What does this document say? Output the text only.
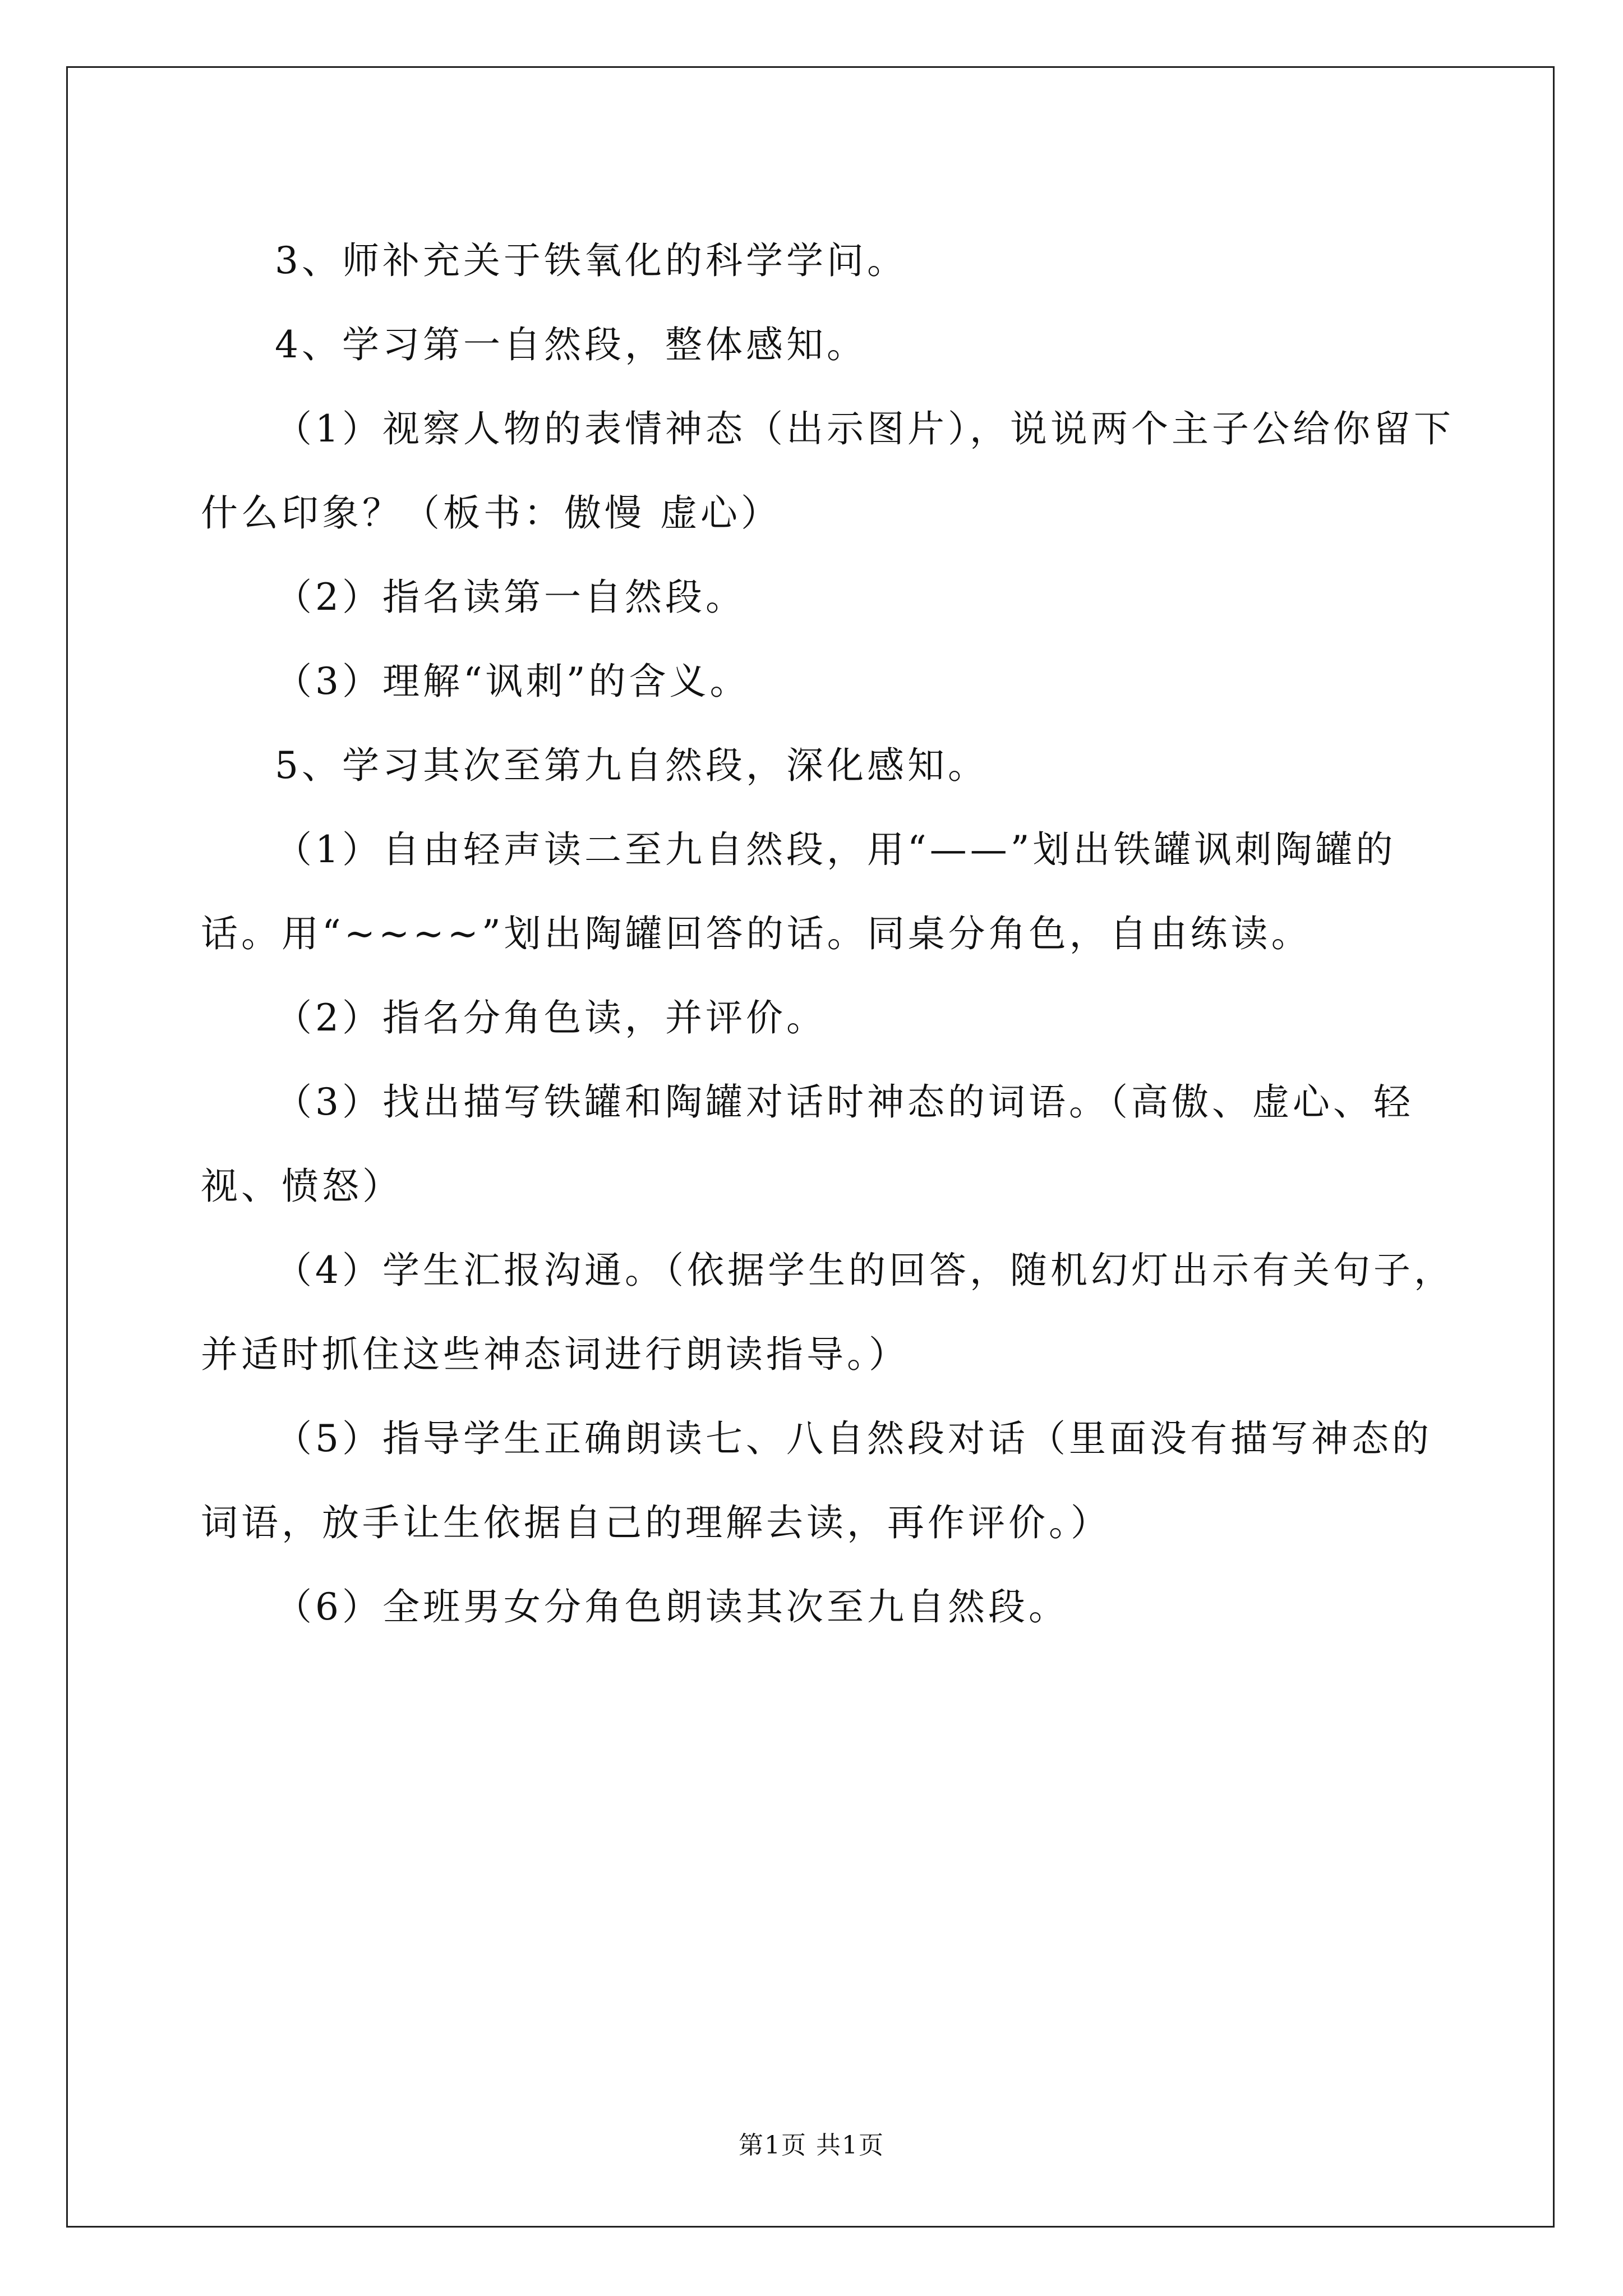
3、师补充关于铁氧化的科学学问。

4、学习第一自然段，整体感知。

（1）视察人物的表情神态（出示图片），说说两个主子公给你留下什么印象？（板书：傲慢 虚心）

（2）指名读第一自然段。

（3）理解“讽刺”的含义。

5、学习其次至第九自然段，深化感知。

（1）自由轻声读二至九自然段，用“——”划出铁罐讽刺陶罐的话。用“~~~~”划出陶罐回答的话。同桌分角色，自由练读。

（2）指名分角色读，并评价。

（3）找出描写铁罐和陶罐对话时神态的词语。（高傲、虚心、轻视、愤怒）

（4）学生汇报沟通。（依据学生的回答，随机幻灯出示有关句子，并适时抓住这些神态词进行朗读指导。）

（5）指导学生正确朗读七、八自然段对话（里面没有描写神态的词语，放手让生依据自己的理解去读，再作评价。）

（6）全班男女分角色朗读其次至九自然段。

第1页 共1页
